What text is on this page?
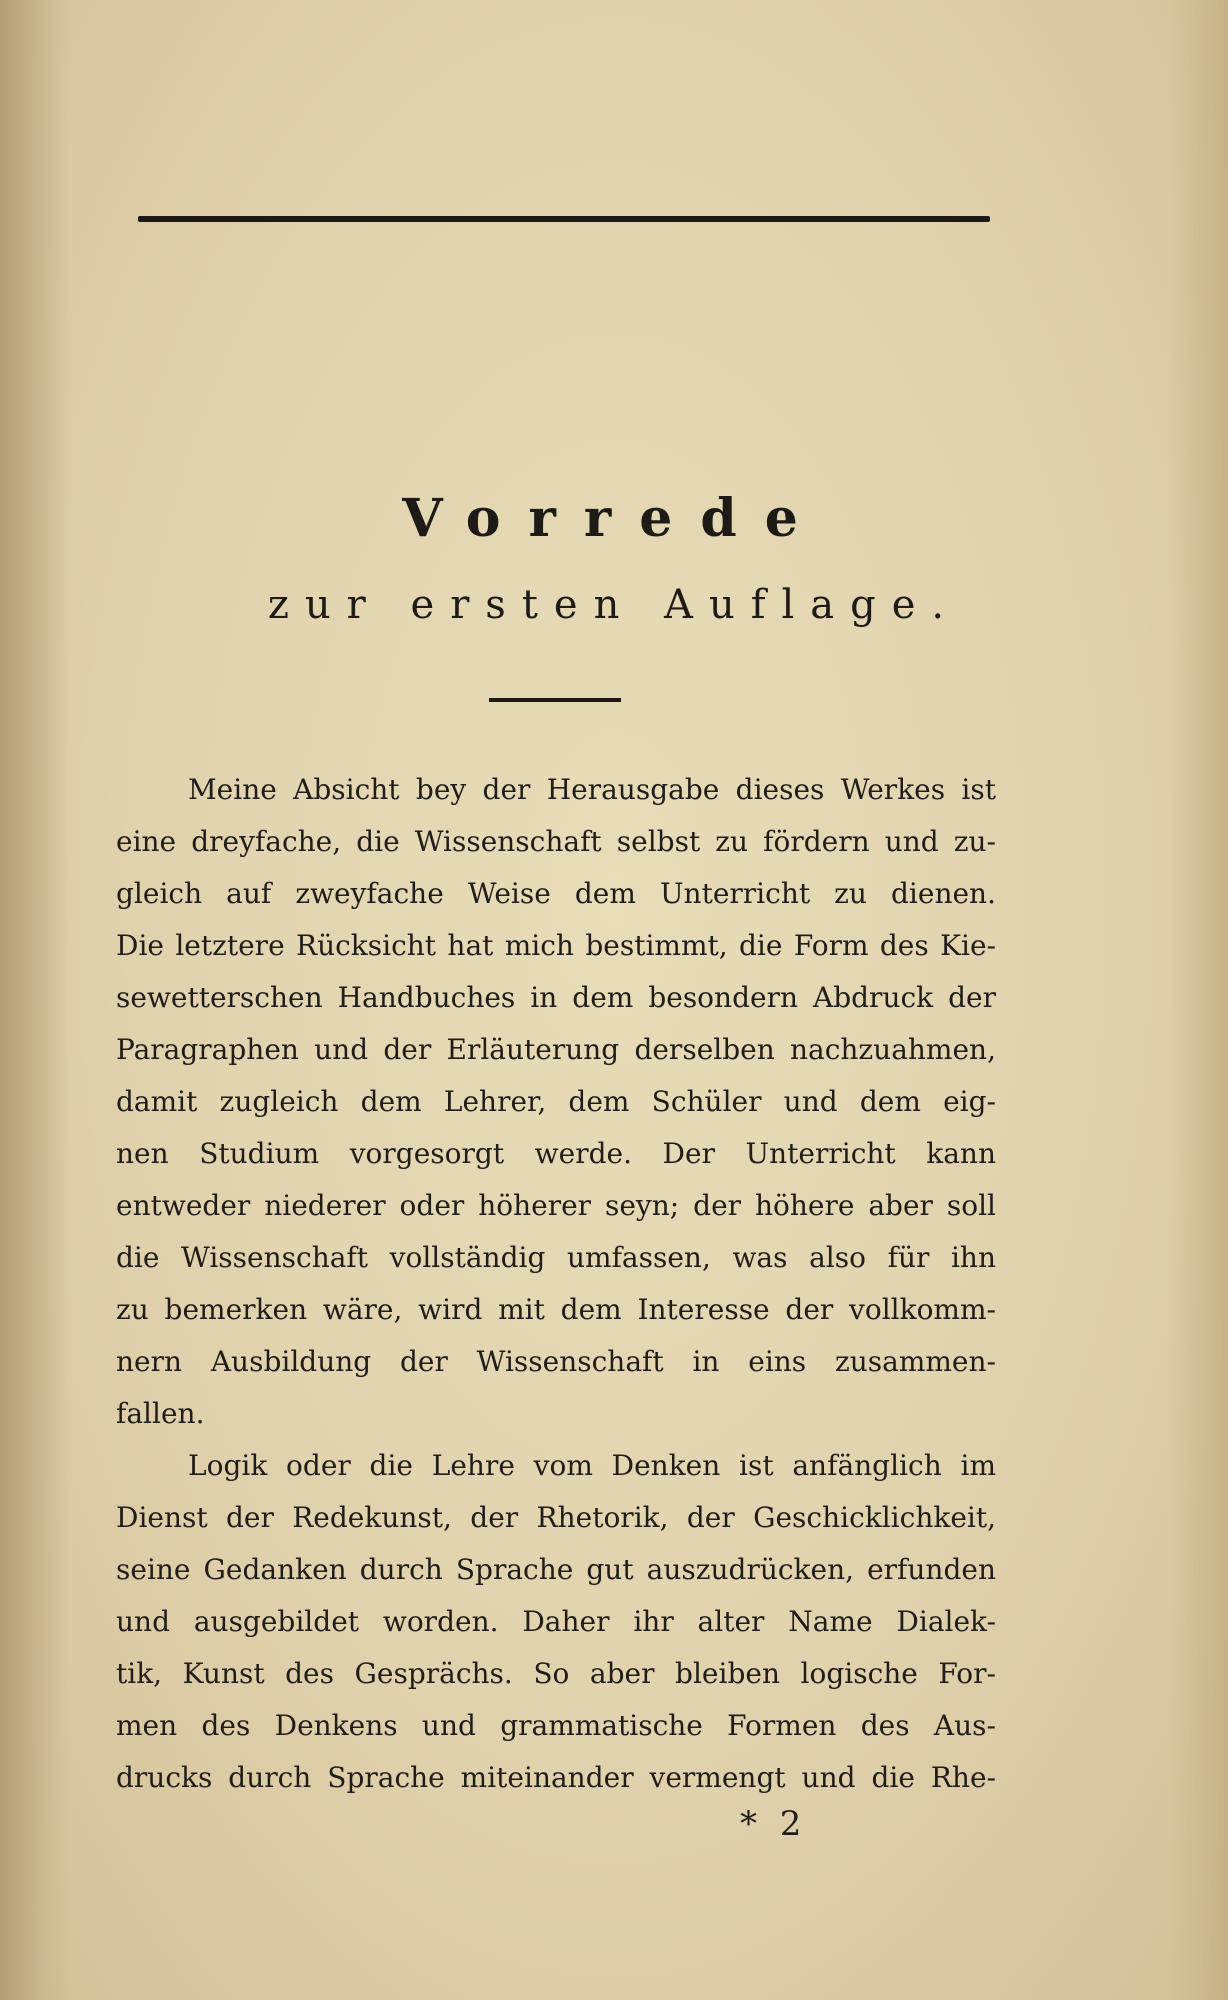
Vorrede
zur ersten Auflage.
Meine Absicht bey der Herausgabe dieses Werkes ist
eine dreyfache, die Wissenschaft selbst zu fördern und zu-
gleich auf zweyfache Weise dem Unterricht zu dienen.
Die letztere Rücksicht hat mich bestimmt, die Form des Kie-
sewetterschen Handbuches in dem besondern Abdruck der
Paragraphen und der Erläuterung derselben nachzuahmen,
damit zugleich dem Lehrer, dem Schüler und dem eig-
nen Studium vorgesorgt werde. Der Unterricht kann
entweder niederer oder höherer seyn; der höhere aber soll
die Wissenschaft vollständig umfassen, was also für ihn
zu bemerken wäre, wird mit dem Interesse der vollkomm-
nern Ausbildung der Wissenschaft in eins zusammen-
fallen.
Logik oder die Lehre vom Denken ist anfänglich im
Dienst der Redekunst, der Rhetorik, der Geschicklichkeit,
seine Gedanken durch Sprache gut auszudrücken, erfunden
und ausgebildet worden. Daher ihr alter Name Dialek-
tik, Kunst des Gesprächs. So aber bleiben logische For-
men des Denkens und grammatische Formen des Aus-
drucks durch Sprache miteinander vermengt und die Rhe-
* 2
